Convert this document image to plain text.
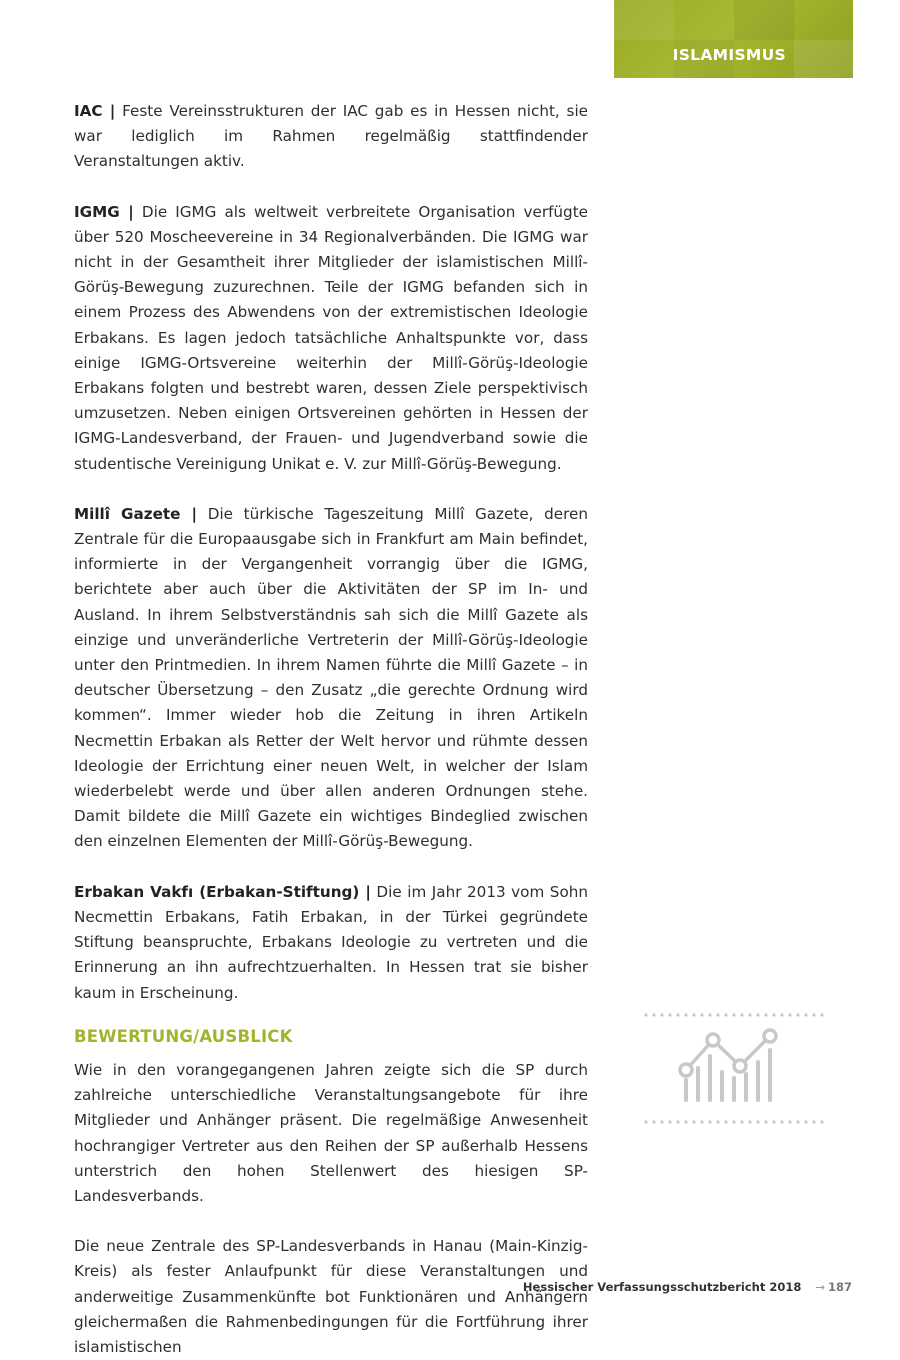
ISLAMISMUS

IAC | Feste Vereinsstrukturen der IAC gab es in Hessen nicht, sie war lediglich im Rahmen regelmäßig stattfindender Veranstaltungen aktiv.

IGMG | Die IGMG als weltweit verbreitete Organisation verfügte über 520 Moscheevereine in 34 Regionalverbänden. Die IGMG war nicht in der Gesamtheit ihrer Mitglieder der islamistischen Millî-Görüş-Bewegung zuzurechnen. Teile der IGMG befanden sich in einem Prozess des Abwendens von der extremistischen Ideologie Erbakans. Es lagen jedoch tatsächliche Anhaltspunkte vor, dass einige IGMG-Ortsvereine weiterhin der Millî-Görüş-Ideologie Erbakans folgten und bestrebt waren, dessen Ziele perspektivisch umzusetzen. Neben einigen Ortsvereinen gehörten in Hessen der IGMG-Landesverband, der Frauen- und Jugendverband sowie die studentische Vereinigung Unikat e. V. zur Millî-Görüş-Bewegung.

Millî Gazete | Die türkische Tageszeitung Millî Gazete, deren Zentrale für die Europaausgabe sich in Frankfurt am Main befindet, informierte in der Vergangenheit vorrangig über die IGMG, berichtete aber auch über die Aktivitäten der SP im In- und Ausland. In ihrem Selbstverständnis sah sich die Millî Gazete als einzige und unveränderliche Vertreterin der Millî-Görüş-Ideologie unter den Printmedien. In ihrem Namen führte die Millî Gazete – in deutscher Übersetzung – den Zusatz „die gerechte Ordnung wird kommen“. Immer wieder hob die Zeitung in ihren Artikeln Necmettin Erbakan als Retter der Welt hervor und rühmte dessen Ideologie der Errichtung einer neuen Welt, in welcher der Islam wiederbelebt werde und über allen anderen Ordnungen stehe. Damit bildete die Millî Gazete ein wichtiges Bindeglied zwischen den einzelnen Elementen der Millî-Görüş-Bewegung.

Erbakan Vakfı (Erbakan-Stiftung) | Die im Jahr 2013 vom Sohn Necmettin Erbakans, Fatih Erbakan, in der Türkei gegründete Stiftung beanspruchte, Erbakans Ideologie zu vertreten und die Erinnerung an ihn aufrechtzuerhalten. In Hessen trat sie bisher kaum in Erscheinung.

BEWERTUNG/AUSBLICK

Wie in den vorangegangenen Jahren zeigte sich die SP durch zahlreiche unterschiedliche Veranstaltungsangebote für ihre Mitglieder und Anhänger präsent. Die regelmäßige Anwesenheit hochrangiger Vertreter aus den Reihen der SP außerhalb Hessens unterstrich den hohen Stellenwert des hiesigen SP-Landesverbands.

Die neue Zentrale des SP-Landesverbands in Hanau (Main-Kinzig-Kreis) als fester Anlaufpunkt für diese Veranstaltungen und anderweitige Zusammenkünfte bot Funktionären und Anhängern gleichermaßen die Rahmenbedingungen für die Fortführung ihrer islamistischen

Hessischer Verfassungsschutzbericht 2018 → 187
